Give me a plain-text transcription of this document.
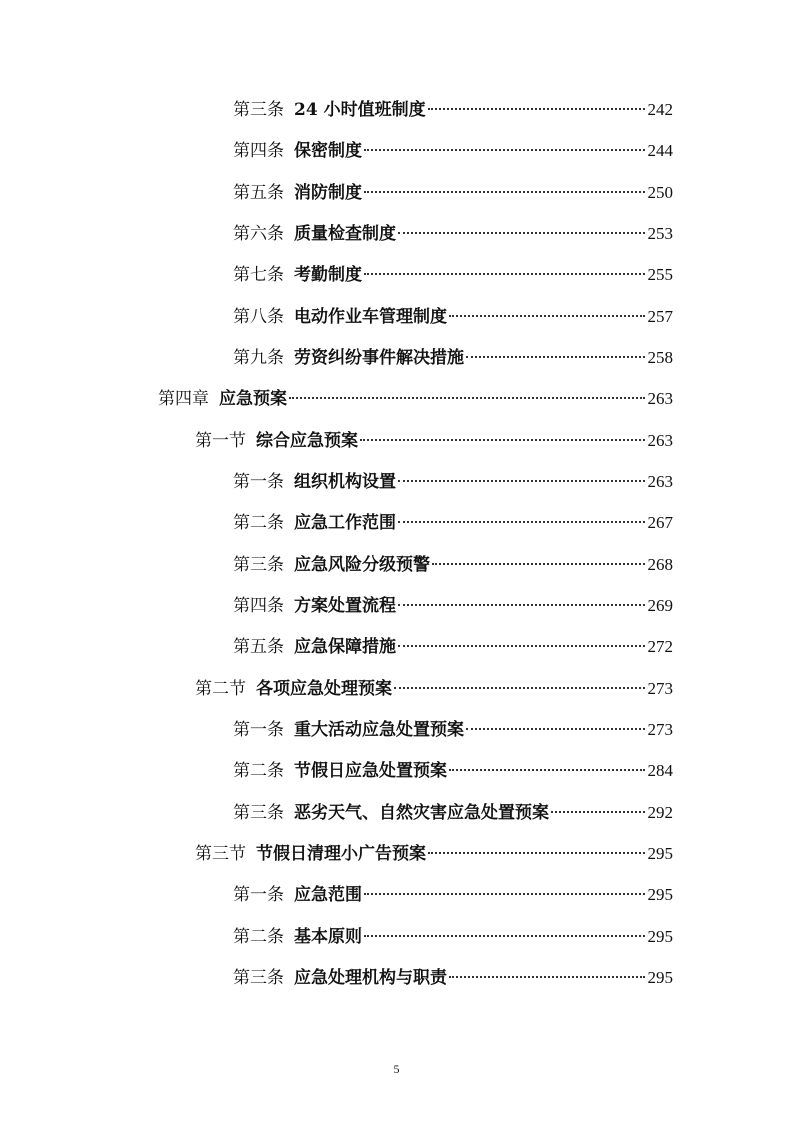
第三条 24 小时值班制度	242
第四条 保密制度	244
第五条 消防制度	250
第六条 质量检查制度	253
第七条 考勤制度	255
第八条 电动作业车管理制度	257
第九条 劳资纠纷事件解决措施	258
第四章 应急预案	263
第一节 综合应急预案	263
第一条 组织机构设置	263
第二条 应急工作范围	267
第三条 应急风险分级预警	268
第四条 方案处置流程	269
第五条 应急保障措施	272
第二节 各项应急处理预案	273
第一条 重大活动应急处置预案	273
第二条 节假日应急处置预案	284
第三条 恶劣天气、自然灾害应急处置预案	292
第三节 节假日清理小广告预案	295
第一条 应急范围	295
第二条 基本原则	295
第三条 应急处理机构与职责	295
5
